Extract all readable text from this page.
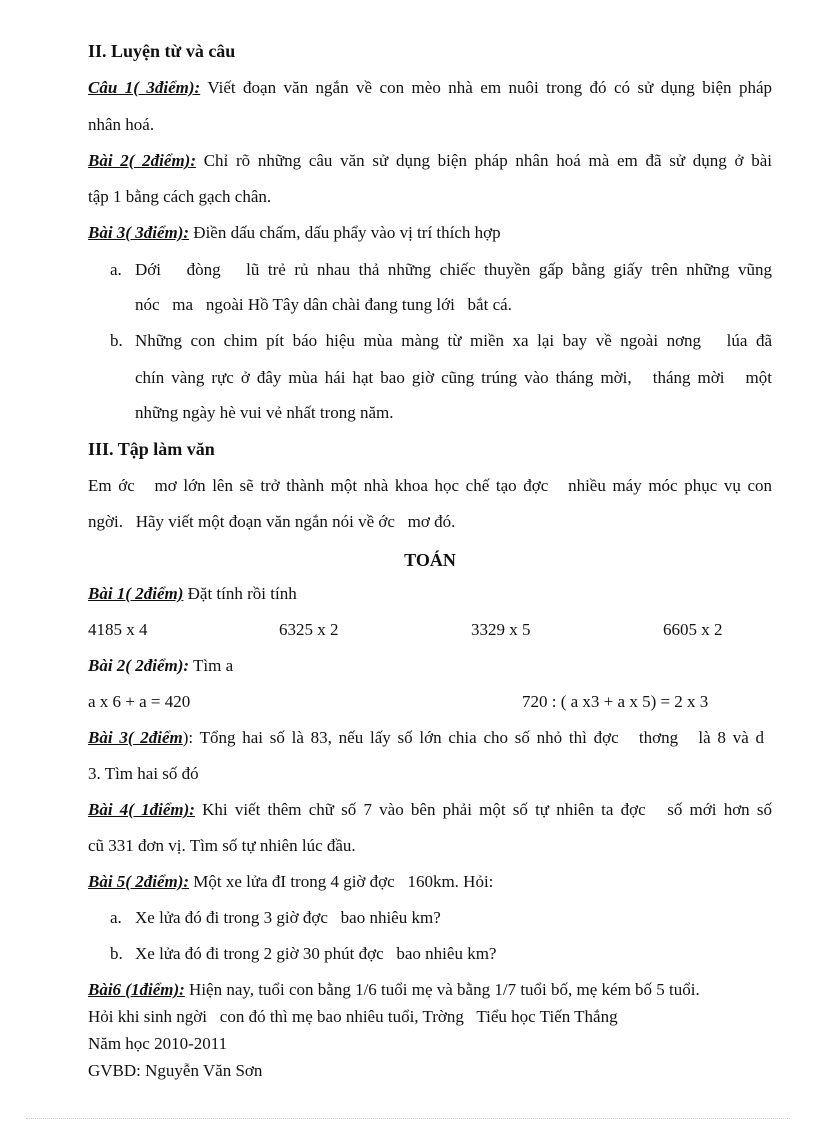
II. Luyện từ và câu
Câu 1( 3điểm): Viết đoạn văn ngắn về con mèo nhà em nuôi trong đó có sử dụng biện pháp
nhân hoá.
Bài 2( 2điểm): Chỉ rõ những câu văn sử dụng biện pháp nhân hoá mà em đã sử dụng ở bài
tập 1 bằng cách gạch chân.
Bài 3( 3điểm): Điền dấu chấm, dấu phẩy vào vị trí thích hợp
a. Dới   đòng   lũ trẻ rủ nhau thả những chiếc thuyền gấp bằng giấy trên những vũng
nóc   ma   ngoài Hồ Tây dân chài đang tung lới   bắt cá.
b. Những con chim pít báo hiệu mùa màng từ miền xa lại bay về ngoài nơng   lúa đã
chín vàng rực ở đây mùa hái hạt bao giờ cũng trúng vào tháng mời,   tháng mời   một
những ngày hè vui vẻ nhất trong năm.
III. Tập làm văn
Em ớc   mơ lớn lên sẽ trở thành một nhà khoa học chế tạo đợc   nhiều máy móc phục vụ con
ngời.   Hãy viết một đoạn văn ngắn nói về ớc   mơ đó.
TOÁN
Bài 1( 2điểm) Đặt tính rồi tính
4185 x 4	6325 x 2	3329 x 5	6605 x 2
Bài 2( 2điểm): Tìm a
a x 6 + a = 420	720 : ( a x3 + a x 5) = 2 x 3
Bài 3( 2điểm): Tổng hai số là 83, nếu lấy số lớn chia cho số nhỏ thì đợc   thơng   là 8 và d
3. Tìm hai số đó
Bài 4( 1điểm): Khi viết thêm chữ số 7 vào bên phải một số tự nhiên ta đợc   số mới hơn số
cũ 331 đơn vị. Tìm số tự nhiên lúc đầu.
Bài 5( 2điểm): Một xe lửa đI trong 4 giờ đợc   160km. Hỏi:
a. Xe lửa đó đi trong 3 giờ đợc   bao nhiêu km?
b. Xe lửa đó đi trong 2 giờ 30 phút đợc   bao nhiêu km?
Bài6 (1điểm): Hiện nay, tuổi con bằng 1/6 tuổi mẹ và bằng 1/7 tuổi bố, mẹ kém bố 5 tuổi.
Hỏi khi sinh ngời   con đó thì mẹ bao nhiêu tuổi, Trờng   Tiểu học Tiến Thắng
Năm học 2010-2011
GVBD: Nguyễn Văn Sơn
